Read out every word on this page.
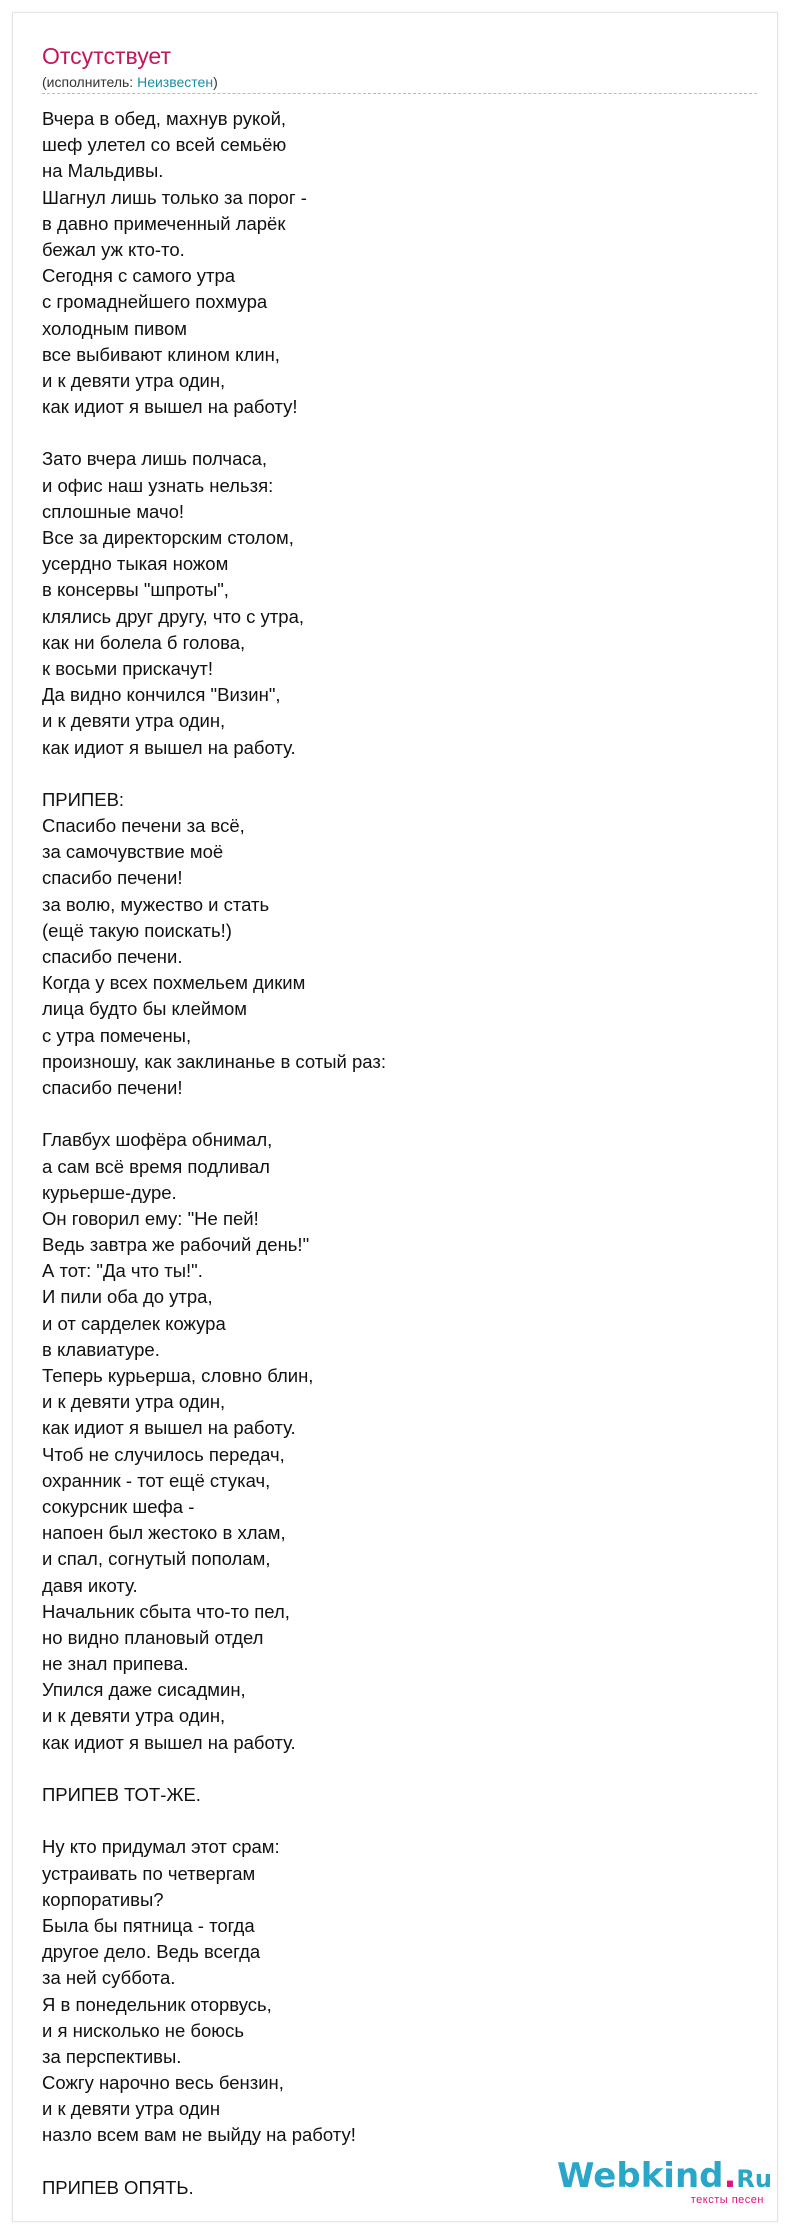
Отсутствует
(исполнитель: Неизвестен)
Вчера в обед, махнув рукой,
шеф улетел со всей семьёю
на Мальдивы.
Шагнул лишь только за порог -
в давно примеченный ларёк
бежал уж кто-то.
Сегодня с самого утра
с громаднейшего похмура
холодным пивом
все выбивают клином клин,
и к девяти утра один,
как идиот я вышел на работу!
Зато вчера лишь полчаса,
и офис наш узнать нельзя:
сплошные мачо!
Все за директорским столом,
усердно тыкая ножом
в консервы "шпроты",
клялись друг другу, что с утра,
как ни болела б голова,
к восьми прискачут!
Да видно кончился "Визин",
и к девяти утра один,
как идиот я вышел на работу.
ПРИПЕВ:
Спасибо печени за всё,
за самочувствие моё
спасибо печени!
за волю, мужество и стать
(ещё такую поискать!)
спасибо печени.
Когда у всех похмельем диким
лица будто бы клеймом
с утра помечены,
произношу, как заклинанье в сотый раз:
спасибо печени!
Главбух шофёра обнимал,
а сам всё время подливал
курьерше-дуре.
Он говорил ему: "Не пей!
Ведь завтра же рабочий день!"
А тот: "Да что ты!".
И пили оба до утра,
и от сарделек кожура
в клавиатуре.
Теперь курьерша, словно блин,
и к девяти утра один,
как идиот я вышел на работу.
Чтоб не случилось передач,
охранник - тот ещё стукач,
сокурсник шефа -
напоен был жестоко в хлам,
и спал, согнутый пополам,
давя икоту.
Начальник сбыта что-то пел,
но видно плановый отдел
не знал припева.
Упился даже сисадмин,
и к девяти утра один,
как идиот я вышел на работу.
ПРИПЕВ ТОТ-ЖЕ.
Ну кто придумал этот срам:
устраивать по четвергам
корпоративы?
Была бы пятница - тогда
другое дело. Ведь всегда
за ней суббота.
Я в понедельник оторвусь,
и я нисколько не боюсь
за перспективы.
Сожгу нарочно весь бензин,
и к девяти утра один
назло всем вам не выйду на работу!
ПРИПЕВ ОПЯТЬ.	Webkind.Ru
тексты песен
